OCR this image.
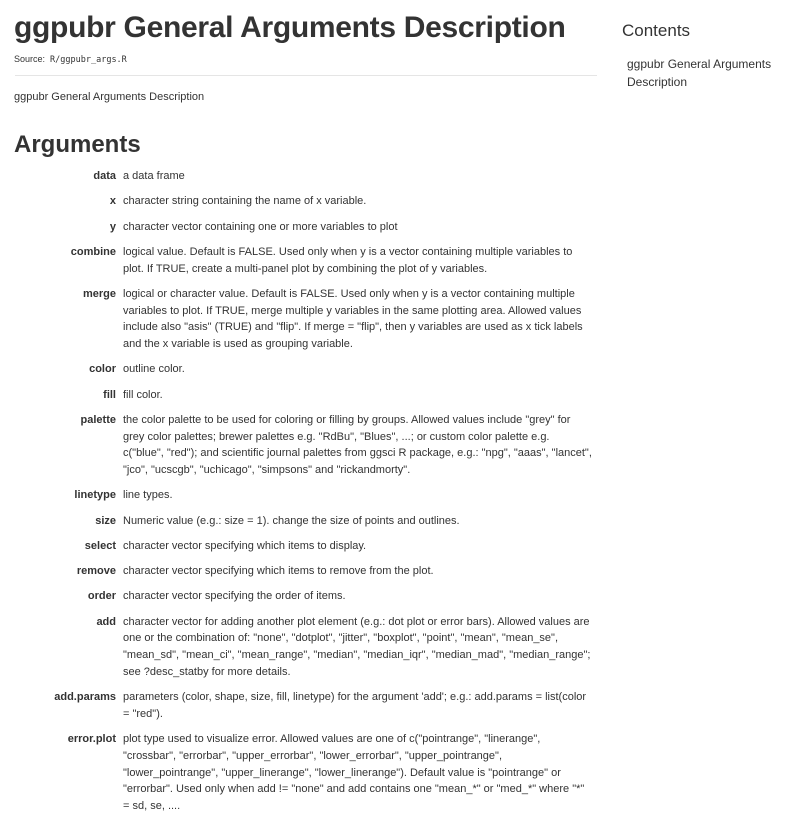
ggpubr General Arguments Description
Source: R/ggpubr_args.R

ggpubr General Arguments Description

Arguments
data a data frame
x character string containing the name of x variable.
y character vector containing one or more variables to plot
combine logical value. Default is FALSE. Used only when y is a vector containing multiple variables to plot. If TRUE, create a multi-panel plot by combining the plot of y variables.
merge logical or character value. Default is FALSE. Used only when y is a vector containing multiple variables to plot. If TRUE, merge multiple y variables in the same plotting area. Allowed values include also "asis" (TRUE) and "flip". If merge = "flip", then y variables are used as x tick labels and the x variable is used as grouping variable.
color outline color.
fill fill color.
palette the color palette to be used for coloring or filling by groups. Allowed values include "grey" for grey color palettes; brewer palettes e.g. "RdBu", "Blues", ...; or custom color palette e.g. c("blue", "red"); and scientific journal palettes from ggsci R package, e.g.: "npg", "aaas", "lancet", "jco", "ucscgb", "uchicago", "simpsons" and "rickandmorty".
linetype line types.
size Numeric value (e.g.: size = 1). change the size of points and outlines.
select character vector specifying which items to display.
remove character vector specifying which items to remove from the plot.
order character vector specifying the order of items.
add character vector for adding another plot element (e.g.: dot plot or error bars). Allowed values are one or the combination of: "none", "dotplot", "jitter", "boxplot", "point", "mean", "mean_se", "mean_sd", "mean_ci", "mean_range", "median", "median_iqr", "median_mad", "median_range"; see ?desc_statby for more details.
add.params parameters (color, shape, size, fill, linetype) for the argument 'add'; e.g.: add.params = list(color = "red").
error.plot plot type used to visualize error. Allowed values are one of c("pointrange", "linerange", "crossbar", "errorbar", "upper_errorbar", "lower_errorbar", "upper_pointrange", "lower_pointrange", "upper_linerange", "lower_linerange"). Default value is "pointrange" or "errorbar". Used only when add != "none" and add contains one "mean_*" or "med_*" where "*" = sd, se, ....
Contents
ggpubr General Arguments Description
